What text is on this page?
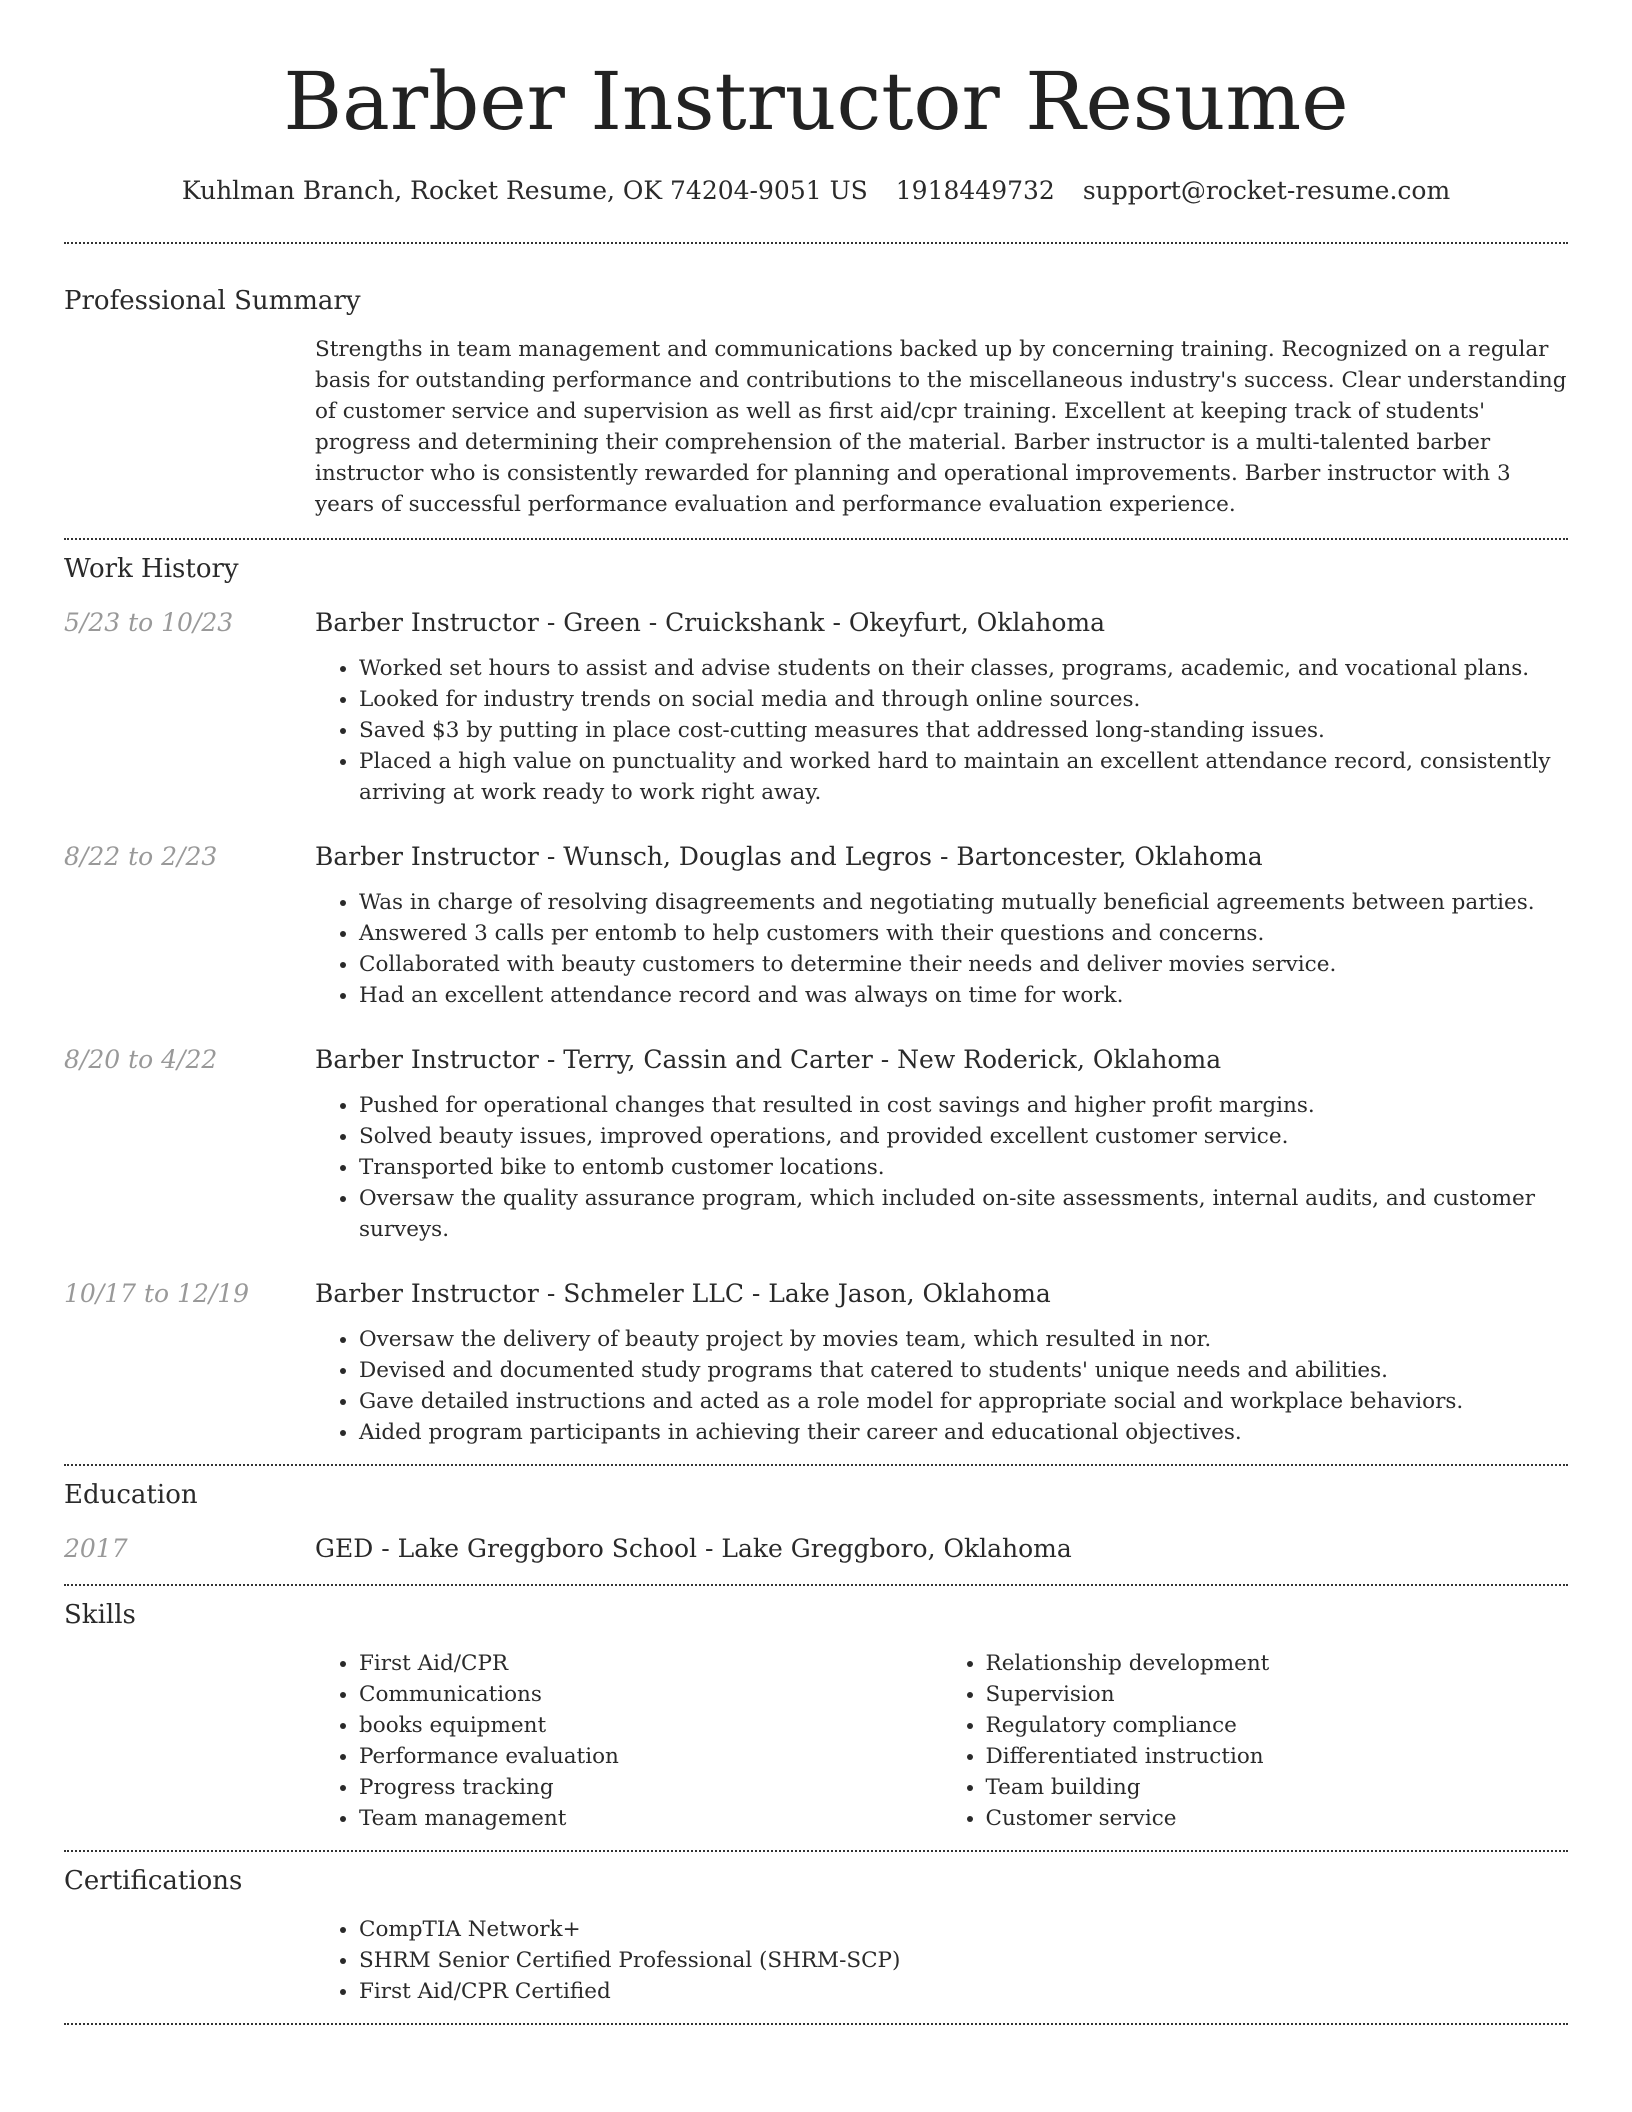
Barber Instructor Resume
Kuhlman Branch, Rocket Resume, OK 74204-9051 US 1918449732 support@rocket-resume.com
Professional Summary

Strengths in team management and communications backed up by concerning training. Recognized on a regular basis for outstanding performance and contributions to the miscellaneous industry's success. Clear understanding of customer service and supervision as well as first aid/cpr training. Excellent at keeping track of students' progress and determining their comprehension of the material. Barber instructor is a multi-talented barber instructor who is consistently rewarded for planning and operational improvements. Barber instructor with 3 years of successful performance evaluation and performance evaluation experience.

Work History
5/23 to 10/23	Barber Instructor - Green - Cruickshank - Okeyfurt, Oklahoma
• Worked set hours to assist and advise students on their classes, programs, academic, and vocational plans.
• Looked for industry trends on social media and through online sources.
• Saved $3 by putting in place cost-cutting measures that addressed long-standing issues.
• Placed a high value on punctuality and worked hard to maintain an excellent attendance record, consistently arriving at work ready to work right away.
8/22 to 2/23	Barber Instructor - Wunsch, Douglas and Legros - Bartoncester, Oklahoma
• Was in charge of resolving disagreements and negotiating mutually beneficial agreements between parties.
• Answered 3 calls per entomb to help customers with their questions and concerns.
• Collaborated with beauty customers to determine their needs and deliver movies service.
• Had an excellent attendance record and was always on time for work.
8/20 to 4/22	Barber Instructor - Terry, Cassin and Carter - New Roderick, Oklahoma
• Pushed for operational changes that resulted in cost savings and higher profit margins.
• Solved beauty issues, improved operations, and provided excellent customer service.
• Transported bike to entomb customer locations.
• Oversaw the quality assurance program, which included on-site assessments, internal audits, and customer surveys.
10/17 to 12/19	Barber Instructor - Schmeler LLC - Lake Jason, Oklahoma
• Oversaw the delivery of beauty project by movies team, which resulted in nor.
• Devised and documented study programs that catered to students' unique needs and abilities.
• Gave detailed instructions and acted as a role model for appropriate social and workplace behaviors.
• Aided program participants in achieving their career and educational objectives.
Education
2017	GED - Lake Greggboro School - Lake Greggboro, Oklahoma
Skills
• First Aid/CPR
• Communications
• books equipment
• Performance evaluation
• Progress tracking
• Team management
• Relationship development
• Supervision
• Regulatory compliance
• Differentiated instruction
• Team building
• Customer service
Certifications
• CompTIA Network+
• SHRM Senior Certified Professional (SHRM-SCP)
• First Aid/CPR Certified
